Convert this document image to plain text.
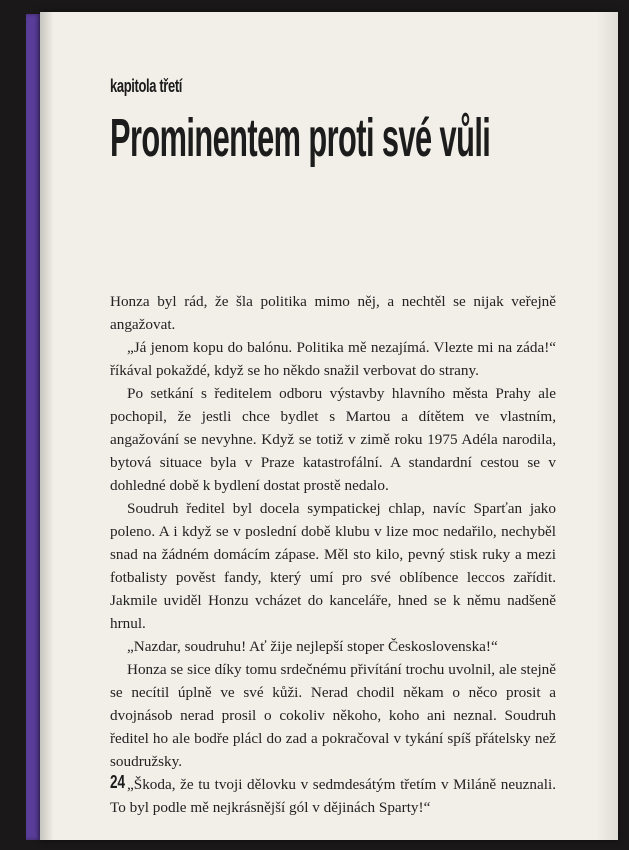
kapitola třetí
Prominentem proti své vůli

Honza byl rád, že šla politika mimo něj, a nechtěl se nijak veřejně angažovat.

„Já jenom kopu do balónu. Politika mě nezajímá. Vlezte mi na záda!“ říkával pokaždé, když se ho někdo snažil verbovat do strany.

Po setkání s ředitelem odboru výstavby hlavního města Prahy ale pochopil, že jestli chce bydlet s Martou a dítětem ve vlastním, angažování se nevyhne. Když se totiž v zimě roku 1975 Adéla narodila, bytová situace byla v Praze katastrofální. A standardní cestou se v dohledné době k bydlení dostat prostě nedalo.

Soudruh ředitel byl docela sympatickej chlap, navíc Sparťan jako poleno. A i když se v poslední době klubu v lize moc nedařilo, nechyběl snad na žádném domácím zápase. Měl sto kilo, pevný stisk ruky a mezi fotbalisty pověst fandy, který umí pro své oblíbence leccos zařídit. Jakmile uviděl Honzu vcházet do kanceláře, hned se k němu nadšeně hrnul.

„Nazdar, soudruhu! Ať žije nejlepší stoper Československa!“

Honza se sice díky tomu srdečnému přivítání trochu uvolnil, ale stejně se necítil úplně ve své kůži. Nerad chodil někam o něco prosit a dvojnásob nerad prosil o cokoliv někoho, koho ani neznal. Soudruh ředitel ho ale bodře plácl do zad a pokračoval v tykání spíš přátelsky než soudružsky.

„Škoda, že tu tvoji dělovku v sedmdesátým třetím v Miláně neuznali. To byl podle mě nejkrásnější gól v dějinách Sparty!“

24
